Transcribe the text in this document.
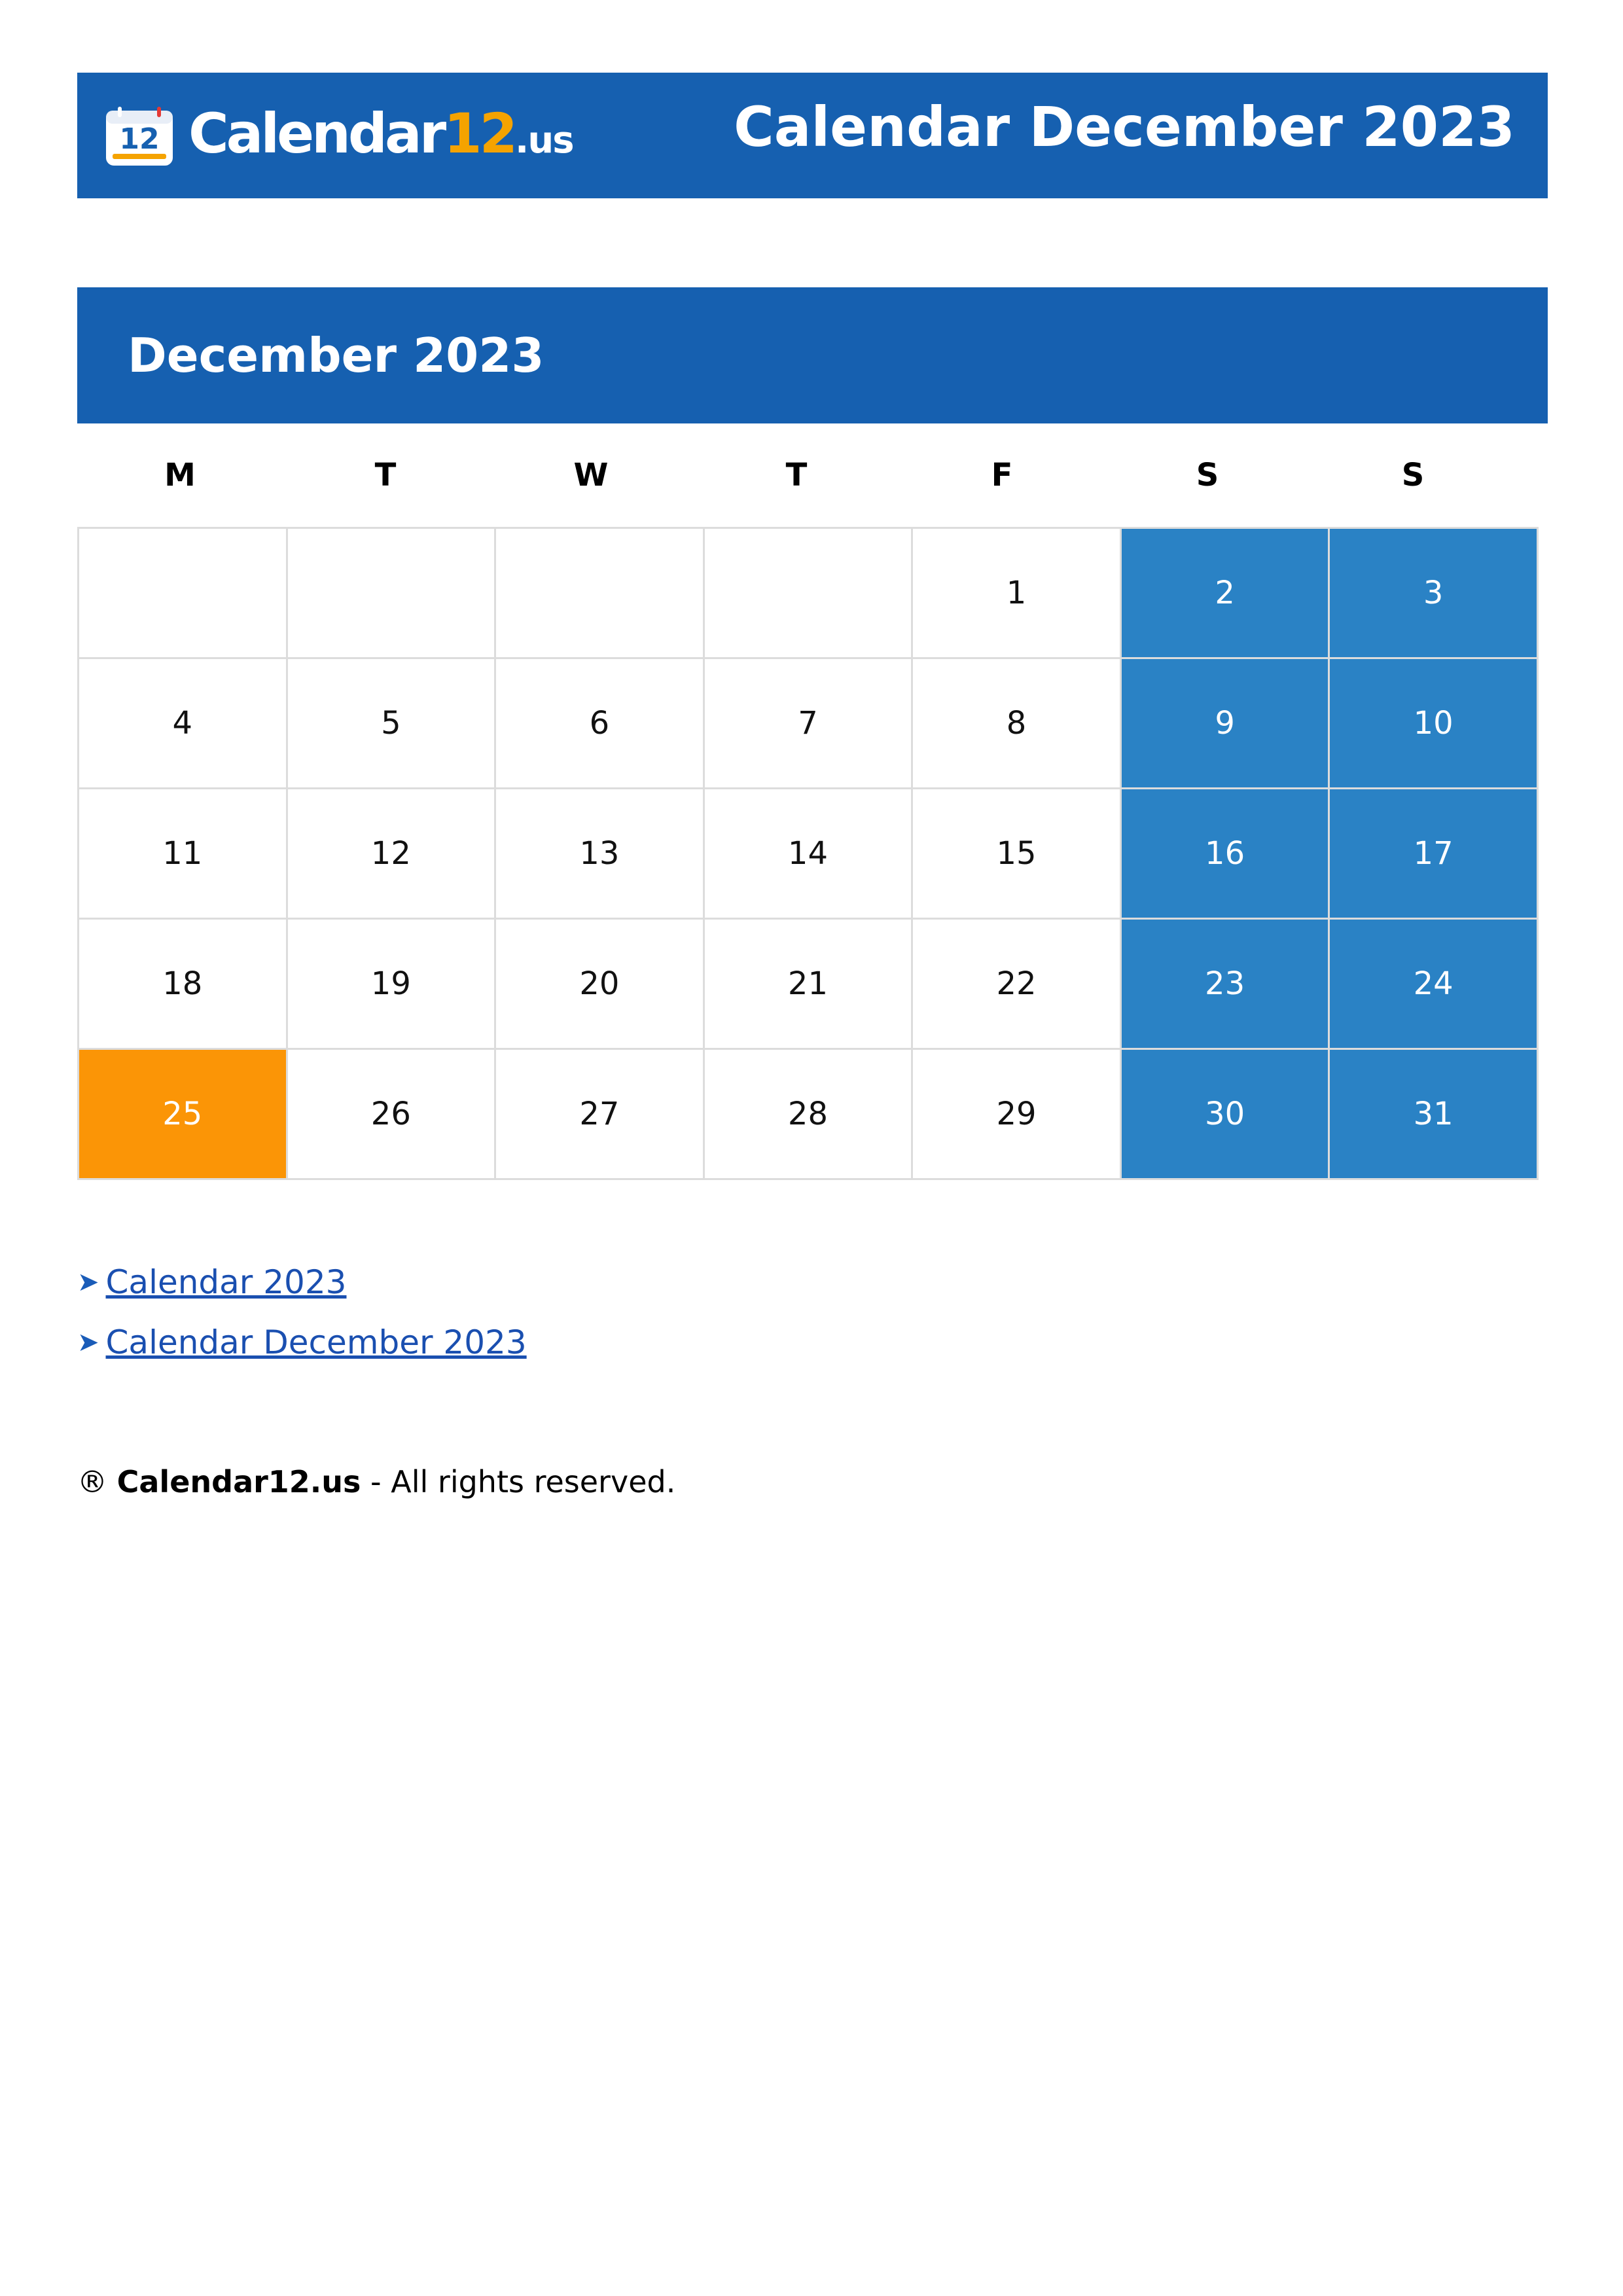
12 Calendar12.us	Calendar December 2023
December 2023
M	T	W	T	F	S	S
				1	2	3
4	5	6	7	8	9	10
11	12	13	14	15	16	17
18	19	20	21	22	23	24
25	26	27	28	29	30	31
➤ Calendar 2023
➤ Calendar December 2023
® Calendar12.us - All rights reserved.
